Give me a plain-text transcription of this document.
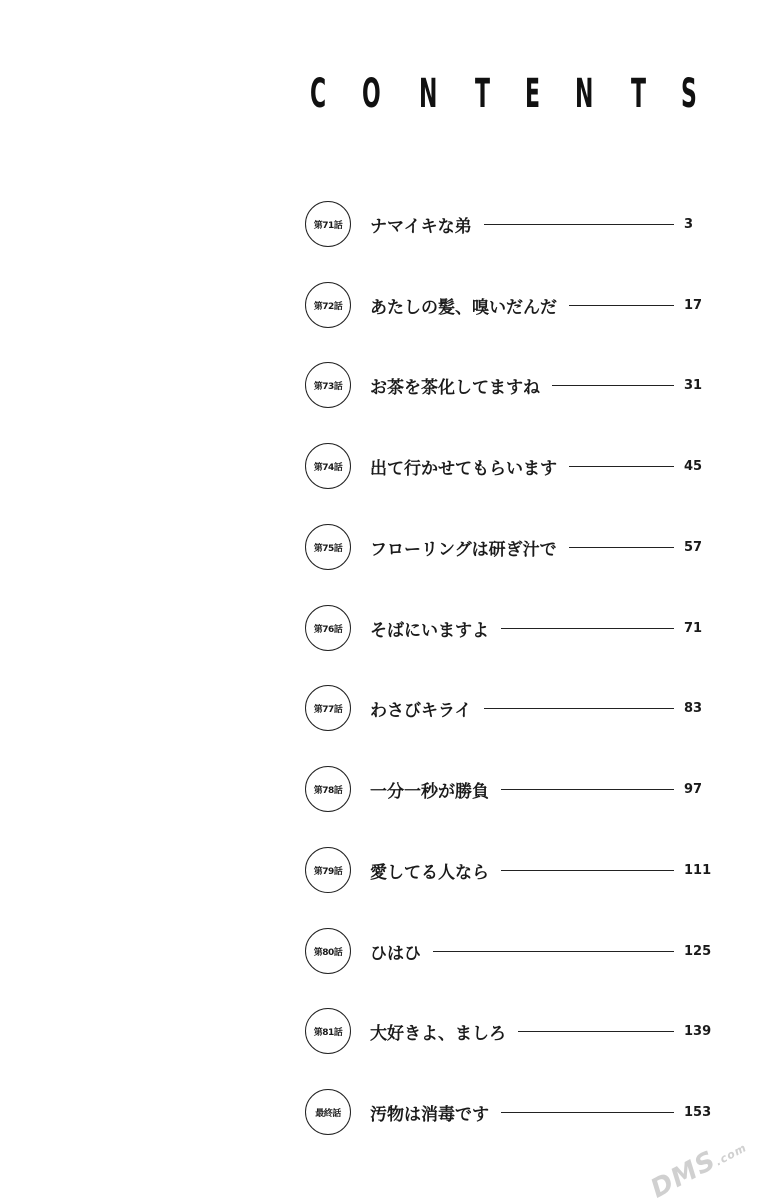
C O N T E N T S
第71話	ナマイキな弟	3
第72話	あたしの髪、嗅いだんだ	17
第73話	お茶を茶化してますね	31
第74話	出て行かせてもらいます	45
第75話	フローリングは研ぎ汁で	57
第76話	そばにいますよ	71
第77話	わさびキライ	83
第78話	一分一秒が勝負	97
第79話	愛してる人なら	111
第80話	ひはひ	125
第81話	大好きよ、ましろ	139
最終話	汚物は消毒です	153
DMS.com
